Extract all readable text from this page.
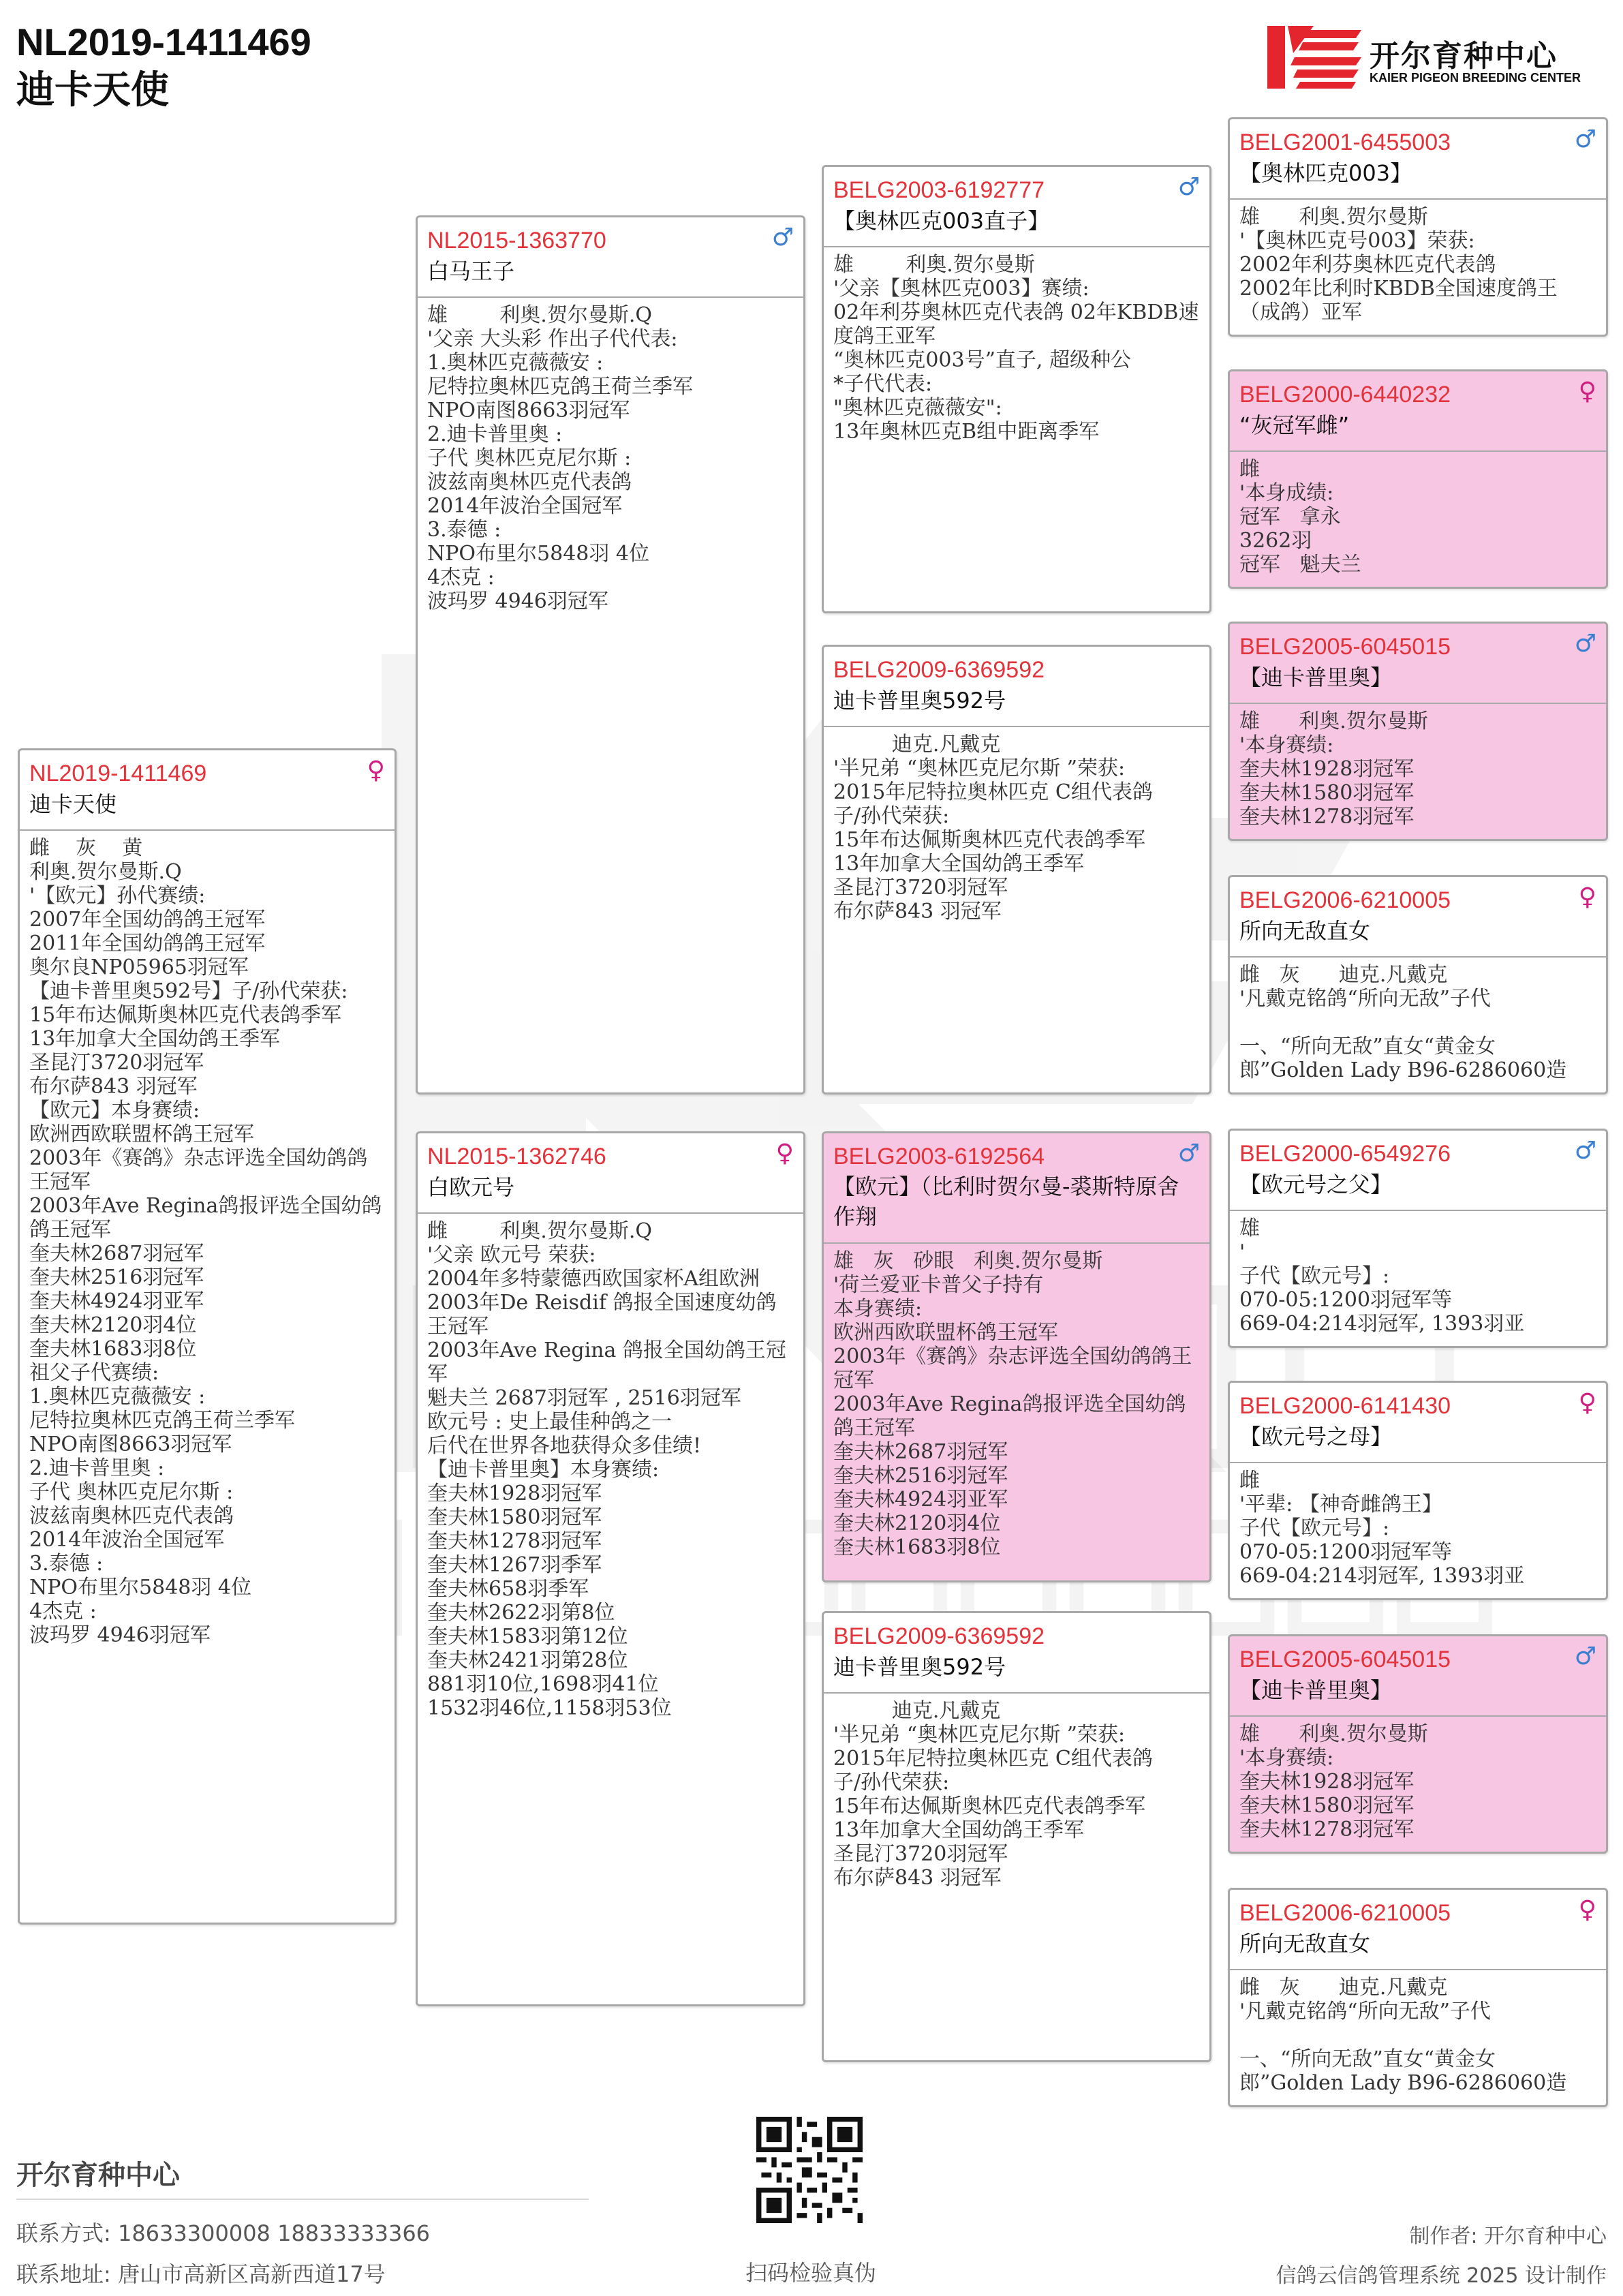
NL2019-1411469
迪卡天使
开尔育种中心
KAIER PIGEON BREEDING CENTER
NL2019-1411469
迪卡天使
♀
雌    灰    黄
利奥.贺尔曼斯.Q
'【欧元】孙代赛绩:
2007年全国幼鸽鸽王冠军
2011年全国幼鸽鸽王冠军
奥尔良NP05965羽冠军
【迪卡普里奥592号】子/孙代荣获:
15年布达佩斯奥林匹克代表鸽季军
13年加拿大全国幼鸽王季军
圣昆汀3720羽冠军
布尔萨843 羽冠军
【欧元】本身赛绩:
欧洲西欧联盟杯鸽王冠军
2003年《赛鸽》杂志评选全国幼鸽鸽王冠军
2003年Ave Regina鸽报评选全国幼鸽鸽王冠军
奎夫林2687羽冠军
奎夫林2516羽冠军
奎夫林4924羽亚军
奎夫林2120羽4位
奎夫林1683羽8位
祖父子代赛绩:
1.奥林匹克薇薇安 :
尼特拉奥林匹克鸽王荷兰季军
NPO南图8663羽冠军
2.迪卡普里奥 :
子代 奥林匹克尼尔斯 :
波兹南奥林匹克代表鸽
2014年波治全国冠军
3.泰德 :
NPO布里尔5848羽 4位
4杰克 :
波玛罗 4946羽冠军
NL2015-1363770
白马王子
♂
雄        利奥.贺尔曼斯.Q
'父亲 大头彩 作出子代代表:
1.奥林匹克薇薇安 :
尼特拉奥林匹克鸽王荷兰季军
NPO南图8663羽冠军
2.迪卡普里奥 :
子代 奥林匹克尼尔斯 :
波兹南奥林匹克代表鸽
2014年波治全国冠军
3.泰德 :
NPO布里尔5848羽 4位
4杰克 :
波玛罗 4946羽冠军
NL2015-1362746
白欧元号
♀
雌        利奥.贺尔曼斯.Q
'父亲 欧元号 荣获:
2004年多特蒙德西欧国家杯A组欧洲
2003年De Reisdif 鸽报全国速度幼鸽王冠军
2003年Ave Regina 鸽报全国幼鸽王冠军
魁夫兰 2687羽冠军 , 2516羽冠军
欧元号 : 史上最佳种鸽之一
后代在世界各地获得众多佳绩!
【迪卡普里奥】本身赛绩:
奎夫林1928羽冠军
奎夫林1580羽冠军
奎夫林1278羽冠军
奎夫林1267羽季军
奎夫林658羽季军
奎夫林2622羽第8位
奎夫林1583羽第12位
奎夫林2421羽第28位
881羽10位,1698羽41位
1532羽46位,1158羽53位
BELG2003-6192777
【奥林匹克003直子】
♂
雄        利奥.贺尔曼斯
'父亲【奥林匹克003】赛绩:
02年利芬奥林匹克代表鸽 02年KBDB速度鸽王亚军
“奥林匹克003号”直子, 超级种公
*子代代表:
"奥林匹克薇薇安":
13年奥林匹克B组中距离季军
BELG2009-6369592
迪卡普里奥592号
迪克.凡戴克
'半兄弟 “奥林匹克尼尔斯 ”荣获:
2015年尼特拉奥林匹克 C组代表鸽
子/孙代荣获:
15年布达佩斯奥林匹克代表鸽季军
13年加拿大全国幼鸽王季军
圣昆汀3720羽冠军
布尔萨843 羽冠军
BELG2003-6192564
【欧元】（比利时贺尔曼-裘斯特原舍作翔
♂
雄   灰   砂眼   利奥.贺尔曼斯
'荷兰爱亚卡普父子持有
本身赛绩:
欧洲西欧联盟杯鸽王冠军
2003年《赛鸽》杂志评选全国幼鸽鸽王冠军
2003年Ave Regina鸽报评选全国幼鸽鸽王冠军
奎夫林2687羽冠军
奎夫林2516羽冠军
奎夫林4924羽亚军
奎夫林2120羽4位
奎夫林1683羽8位
BELG2009-6369592
迪卡普里奥592号
迪克.凡戴克
'半兄弟 “奥林匹克尼尔斯 ”荣获:
2015年尼特拉奥林匹克 C组代表鸽
子/孙代荣获:
15年布达佩斯奥林匹克代表鸽季军
13年加拿大全国幼鸽王季军
圣昆汀3720羽冠军
布尔萨843 羽冠军
BELG2001-6455003
【奥林匹克003】
♂
雄      利奥.贺尔曼斯
'【奥林匹克号003】荣获:
2002年利芬奥林匹克代表鸽
2002年比利时KBDB全国速度鸽王（成鸽）亚军
BELG2000-6440232
“灰冠军雌”
♀
雌
'本身成绩:
冠军   拿永
3262羽
冠军   魁夫兰
BELG2005-6045015
【迪卡普里奥】
♂
雄      利奥.贺尔曼斯
'本身赛绩:
奎夫林1928羽冠军
奎夫林1580羽冠军
奎夫林1278羽冠军
BELG2006-6210005
所向无敌直女
♀
雌   灰      迪克.凡戴克
'凡戴克铭鸽“所向无敌”子代

一、“所向无敌”直女“黄金女郎”Golden Lady B96-6286060造
BELG2000-6549276
【欧元号之父】
♂
雄
'
子代【欧元号】:
070-05:1200羽冠军等
669-04:214羽冠军, 1393羽亚
BELG2000-6141430
【欧元号之母】
♀
雌
'平辈: 【神奇雌鸽王】
子代【欧元号】:
070-05:1200羽冠军等
669-04:214羽冠军, 1393羽亚
BELG2005-6045015
【迪卡普里奥】
♂
雄      利奥.贺尔曼斯
'本身赛绩:
奎夫林1928羽冠军
奎夫林1580羽冠军
奎夫林1278羽冠军
BELG2006-6210005
所向无敌直女
♀
雌   灰      迪克.凡戴克
'凡戴克铭鸽“所向无敌”子代

一、“所向无敌”直女“黄金女郎”Golden Lady B96-6286060造
开尔育种中心
联系方式: 18633300008 18833333366
联系地址: 唐山市高新区高新西道17号	扫码检验真伪
制作者: 开尔育种中心
信鸽云信鸽管理系统 2025 设计制作
